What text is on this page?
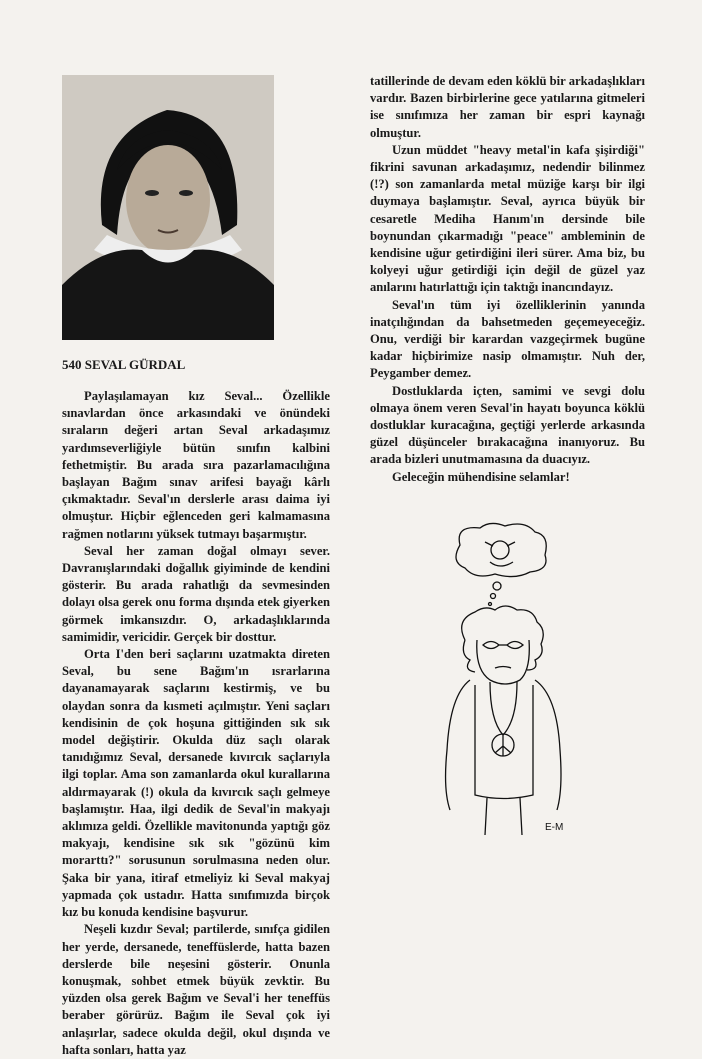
540 SEVAL GÜRDAL

Paylaşılamayan kız Seval... Özellikle sınavlardan önce arkasındaki ve önündeki sıraların değeri artan Seval arkadaşımız yardımseverliğiyle bütün sınıfın kalbini fethetmiştir. Bu arada sıra pazarlamacılığına başlayan Bağım sınav arifesi bayağı kârlı çıkmaktadır. Seval'ın derslerle arası daima iyi olmuştur. Hiçbir eğlenceden geri kalmamasına rağmen notlarını yüksek tutmayı başarmıştır.

Seval her zaman doğal olmayı sever. Davranışlarındaki doğallık giyiminde de kendini gösterir. Bu arada rahatlığı da sevmesinden dolayı olsa gerek onu forma dışında etek giyerken görmek imkansızdır. O, arkadaşlıklarında samimidir, vericidir. Gerçek bir dosttur.

Orta I'den beri saçlarını uzatmakta direten Seval, bu sene Bağım'ın ısrarlarına dayanamayarak saçlarını kestirmiş, ve bu olaydan sonra da kısmeti açılmıştır. Yeni saçları kendisinin de çok hoşuna gittiğinden sık sık model değiştirir. Okulda düz saçlı olarak tanıdığımız Seval, dersanede kıvırcık saçlarıyla ilgi toplar. Ama son zamanlarda okul kurallarına aldırmayarak (!) okula da kıvırcık saçlı gelmeye başlamıştır. Haa, ilgi dedik de Seval'in makyajı aklımıza geldi. Özellikle mavitonunda yaptığı göz makyajı, kendisine sık sık "gözünü kim morarttı?" sorusunun sorulmasına neden olur. Şaka bir yana, itiraf etmeliyiz ki Seval makyaj yapmada çok ustadır. Hatta sınıfımızda birçok kız bu konuda kendisine başvurur.

Neşeli kızdır Seval; partilerde, sınıfça gidilen her yerde, dersanede, teneffüslerde, hatta bazen derslerde bile neşesini gösterir. Onunla konuşmak, sohbet etmek büyük zevktir. Bu yüzden olsa gerek Bağım ve Seval'i her teneffüs beraber görürüz. Bağım ile Seval çok iyi anlaşırlar, sadece okulda değil, okul dışında ve hafta sonları, hatta yaz

tatillerinde de devam eden köklü bir arkadaşlıkları vardır. Bazen birbirlerine gece yatılarına gitmeleri ise sınıfımıza her zaman bir espri kaynağı olmuştur.

Uzun müddet "heavy metal'in kafa şişirdiği" fikrini savunan arkadaşımız, nedendir bilinmez (!?) son zamanlarda metal müziğe karşı bir ilgi duymaya başlamıştır. Seval, ayrıca büyük bir cesaretle Mediha Hanım'ın dersinde bile boynundan çıkarmadığı "peace" ambleminin de kendisine uğur getirdiğini ileri sürer. Ama biz, bu kolyeyi uğur getirdiği için değil de güzel yaz anılarını hatırlattığı için taktığı inancındayız.

Seval'ın tüm iyi özelliklerinin yanında inatçılığından da bahsetmeden geçemeyeceğiz. Onu, verdiği bir karardan vazgeçirmek bugüne kadar hiçbirimize nasip olmamıştır. Nuh der, Peygamber demez.

Dostluklarda içten, samimi ve sevgi dolu olmaya önem veren Seval'in hayatı boyunca köklü dostluklar kuracağına, geçtiği yerlerde arkasında güzel düşünceler bırakacağına inanıyoruz. Bu arada bizleri unutmamasına da duacıyız.

Geleceğin mühendisine selamlar!

E-M
